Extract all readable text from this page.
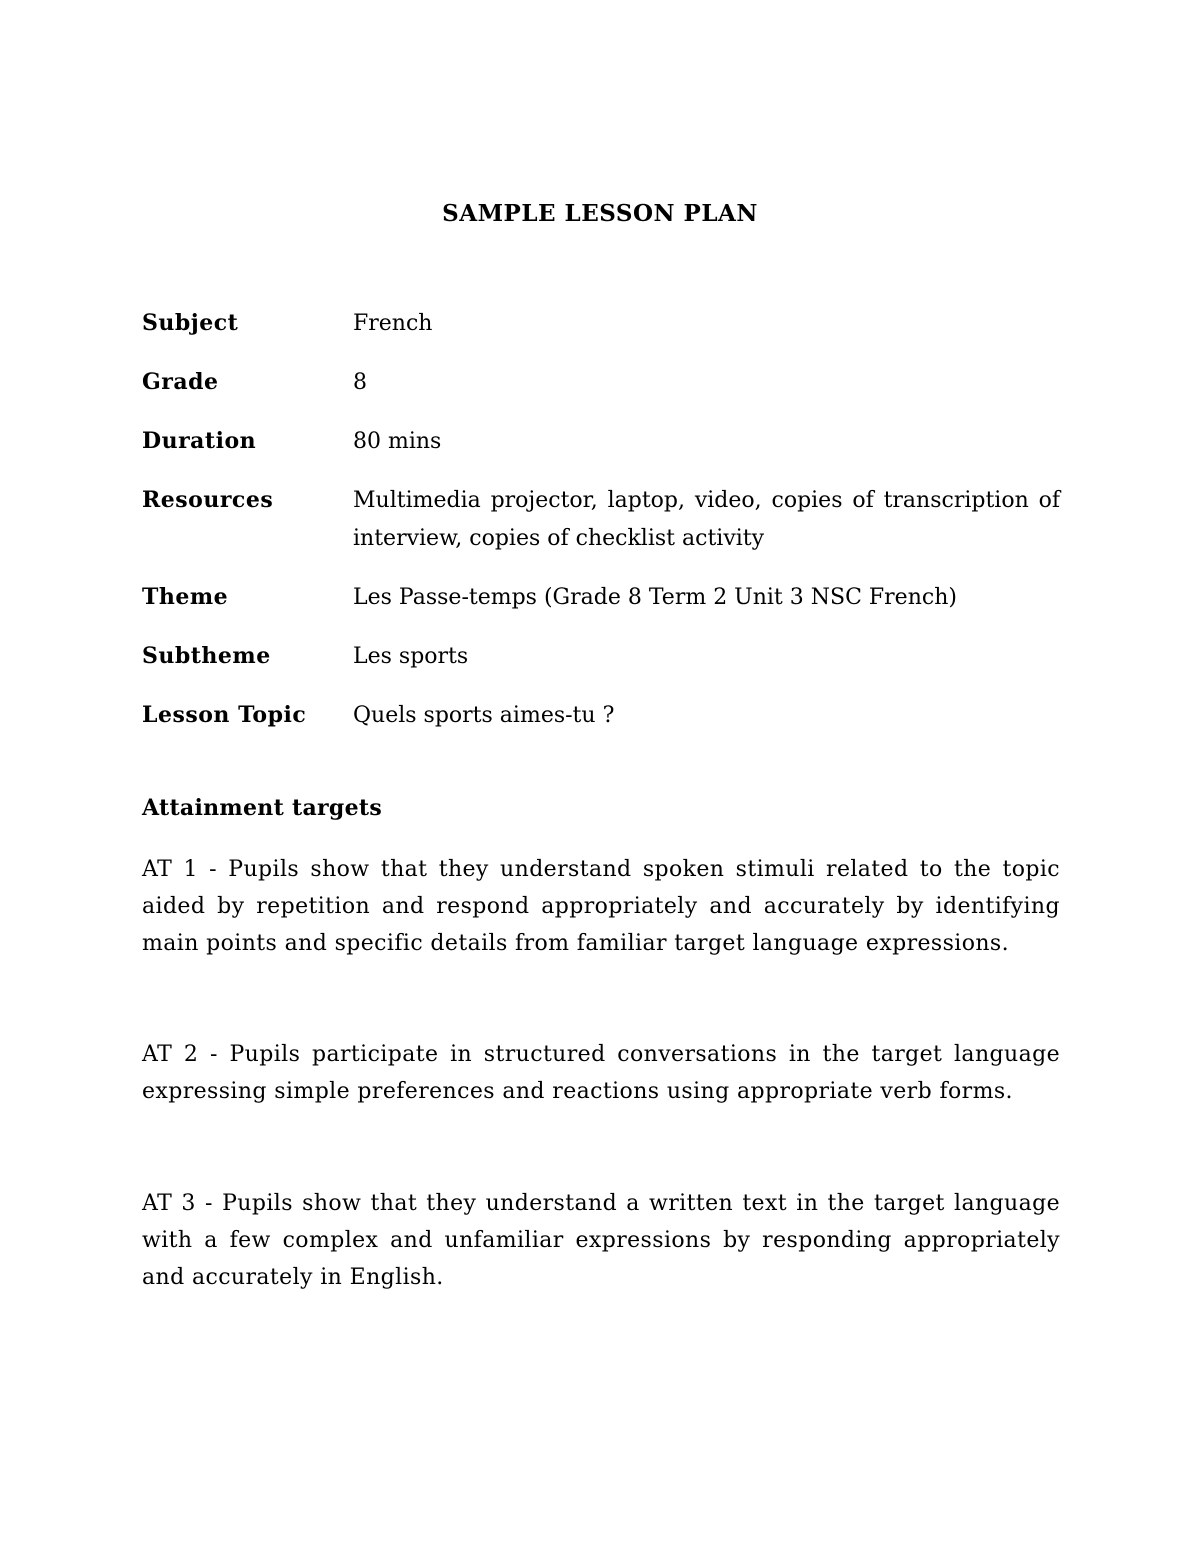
SAMPLE LESSON PLAN
Subject	French
Grade	8
Duration	80 mins
Resources	Multimedia projector, laptop, video, copies of transcription of interview, copies of checklist activity
Theme	Les Passe-temps (Grade 8 Term 2 Unit 3 NSC French)
Subtheme	Les sports
Lesson Topic	Quels sports aimes-tu ?
Attainment targets

AT 1 - Pupils show that they understand spoken stimuli related to the topic aided by repetition and respond appropriately and accurately by identifying main points and specific details from familiar target language expressions.

AT 2 - Pupils participate in structured conversations in the target language expressing simple preferences and reactions using appropriate verb forms.

AT 3 - Pupils show that they understand a written text in the target language with a few complex and unfamiliar expressions by responding appropriately and accurately in English.
